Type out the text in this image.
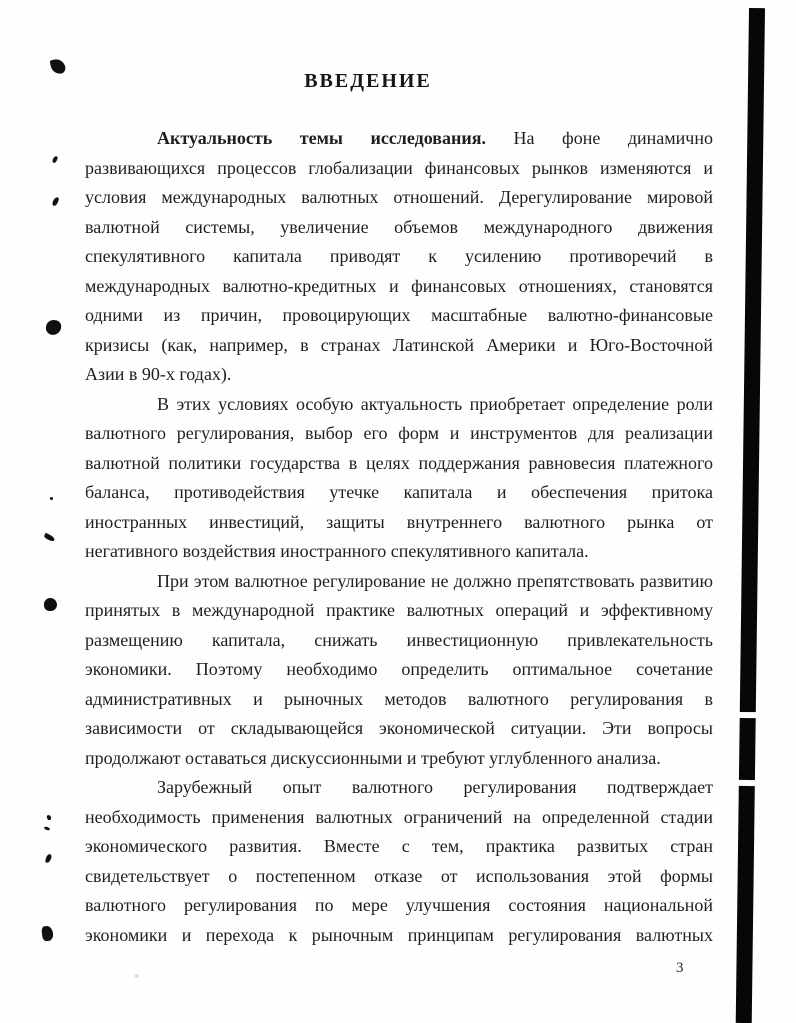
ВВЕДЕНИЕ
Актуальность темы исследования. На фоне динамично
развивающихся процессов глобализации финансовых рынков изменяются и
условия международных валютных отношений. Дерегулирование мировой
валютной системы, увеличение объемов международного движения
спекулятивного капитала приводят к усилению противоречий в
международных валютно-кредитных и финансовых отношениях, становятся
одними из причин, провоцирующих масштабные валютно-финансовые
кризисы (как, например, в странах Латинской Америки и Юго-Восточной
Азии в 90-х годах).
В этих условиях особую актуальность приобретает определение роли
валютного регулирования, выбор его форм и инструментов для реализации
валютной политики государства в целях поддержания равновесия платежного
баланса, противодействия утечке капитала и обеспечения притока
иностранных инвестиций, защиты внутреннего валютного рынка от
негативного воздействия иностранного спекулятивного капитала.
При этом валютное регулирование не должно препятствовать развитию
принятых в международной практике валютных операций и эффективному
размещению капитала, снижать инвестиционную привлекательность
экономики. Поэтому необходимо определить оптимальное сочетание
административных и рыночных методов валютного регулирования в
зависимости от складывающейся экономической ситуации. Эти вопросы
продолжают оставаться дискуссионными и требуют углубленного анализа.
Зарубежный опыт валютного регулирования подтверждает
необходимость применения валютных ограничений на определенной стадии
экономического развития. Вместе с тем, практика развитых стран
свидетельствует о постепенном отказе от использования этой формы
валютного регулирования по мере улучшения состояния национальной
экономики и перехода к рыночным принципам регулирования валютных
3
